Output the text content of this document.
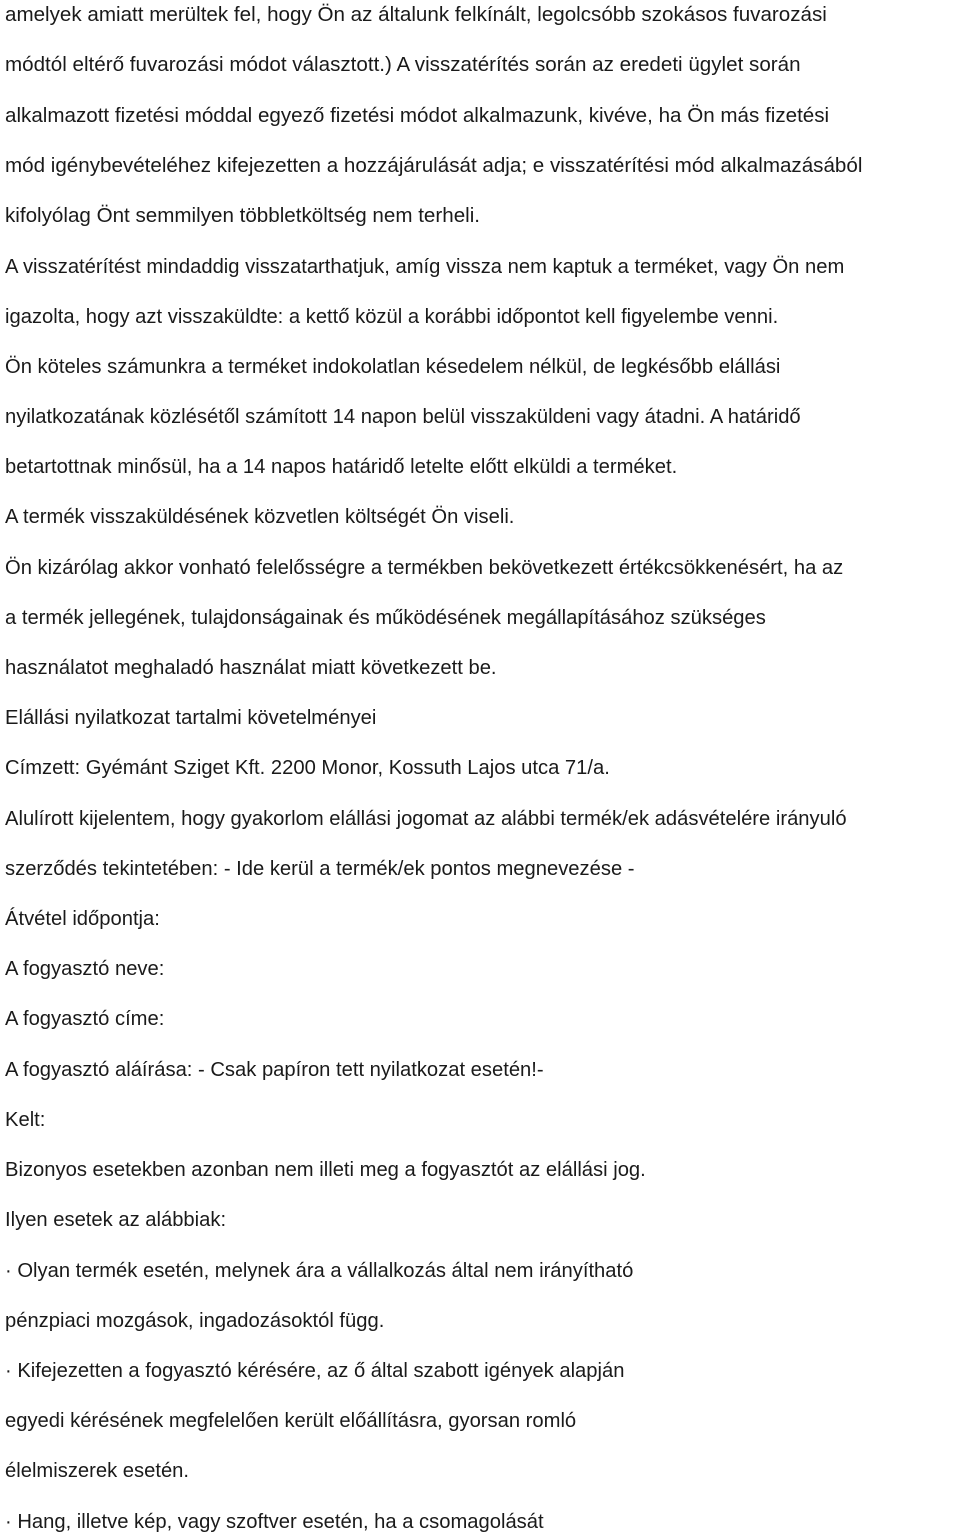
amelyek amiatt merültek fel, hogy Ön az általunk felkínált, legolcsóbb szokásos fuvarozási
módtól eltérő fuvarozási módot választott.) A visszatérítés során az eredeti ügylet során
alkalmazott fizetési móddal egyező fizetési módot alkalmazunk, kivéve, ha Ön más fizetési
mód igénybevételéhez kifejezetten a hozzájárulását adja; e visszatérítési mód alkalmazásából
kifolyólag Önt semmilyen többletköltség nem terheli.
A visszatérítést mindaddig visszatarthatjuk, amíg vissza nem kaptuk a terméket, vagy Ön nem
igazolta, hogy azt visszaküldte: a kettő közül a korábbi időpontot kell figyelembe venni.
Ön köteles számunkra a terméket indokolatlan késedelem nélkül, de legkésőbb elállási
nyilatkozatának közlésétől számított 14 napon belül visszaküldeni vagy átadni. A határidő
betartottnak minősül, ha a 14 napos határidő letelte előtt elküldi a terméket.
A termék visszaküldésének közvetlen költségét Ön viseli.
Ön kizárólag akkor vonható felelősségre a termékben bekövetkezett értékcsökkenésért, ha az
a termék jellegének, tulajdonságainak és működésének megállapításához szükséges
használatot meghaladó használat miatt következett be.
Elállási nyilatkozat tartalmi követelményei
Címzett: Gyémánt Sziget Kft. 2200 Monor, Kossuth Lajos utca 71/a.
Alulírott kijelentem, hogy gyakorlom elállási jogomat az alábbi termék/ek adásvételére irányuló
szerződés tekintetében: - Ide kerül a termék/ek pontos megnevezése -
Átvétel időpontja:
A fogyasztó neve:
A fogyasztó címe:
A fogyasztó aláírása: - Csak papíron tett nyilatkozat esetén!-
Kelt:
Bizonyos esetekben azonban nem illeti meg a fogyasztót az elállási jog.
Ilyen esetek az alábbiak:
· Olyan termék esetén, melynek ára a vállalkozás által nem irányítható
pénzpiaci mozgások, ingadozásoktól függ.
· Kifejezetten a fogyasztó kérésére, az ő által szabott igények alapján
egyedi kérésének megfelelően került előállításra, gyorsan romló
élelmiszerek esetén.
· Hang, illetve kép, vagy szoftver esetén, ha a csomagolását
